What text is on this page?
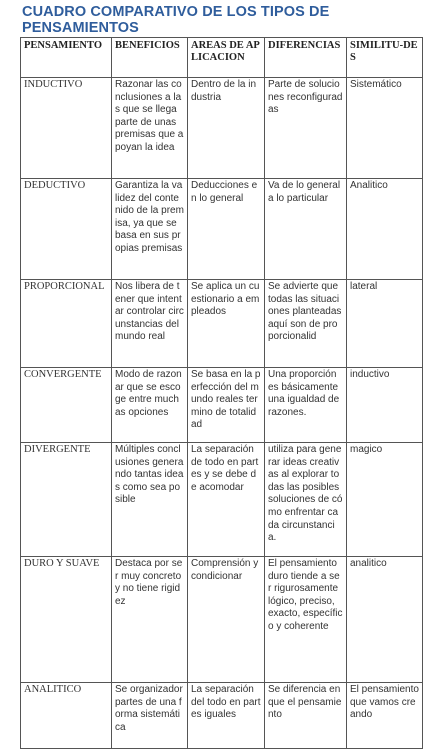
CUADRO COMPARATIVO DE LOS TIPOS DE PENSAMIENTOS
PENSAMIENTO	BENEFICIOS	AREAS DE APLICACION	DIFERENCIAS	SIMILITU-DES
INDUCTIVO	Razonar las conclusiones a las que se llega parte de unas premisas que apoyan la idea	Dentro de la industria	Parte de soluciones reconfiguradas	Sistemático
DEDUCTIVO	Garantiza la validez del contenido de la premisa, ya que se basa en sus propias premisas	Deducciones en lo general	Va de lo general a lo particular	Analitico
PROPORCIONAL	Nos libera de tener que intentar controlar circunstancias del mundo real	Se aplica un cuestionario a empleados	Se advierte que todas las situaciones planteadas aquí son de proporcionalid	lateral
CONVERGENTE	Modo de razonar que se escoge entre muchas opciones	Se basa en la perfección del mundo reales termino de totalidad	Una proporción es básicamente una igualdad de razones.	inductivo
DIVERGENTE	Múltiples conclusiones generando tantas ideas como sea posible	La separación de todo en partes y se debe de acomodar	utiliza para generar ideas creativas al explorar todas las posibles soluciones de cómo enfrentar cada circunstancia.	magico
DURO Y SUAVE	Destaca por ser muy concreto y no tiene rigidez	Comprensión y condicionar	El pensamiento duro tiende a ser rigurosamente lógico, preciso, exacto, específico y coherente	analitico
ANALITICO	Se organizador partes de una forma sistemática	La separación del todo en partes iguales	Se diferencia en que el pensamiento	El pensamiento que vamos creando
